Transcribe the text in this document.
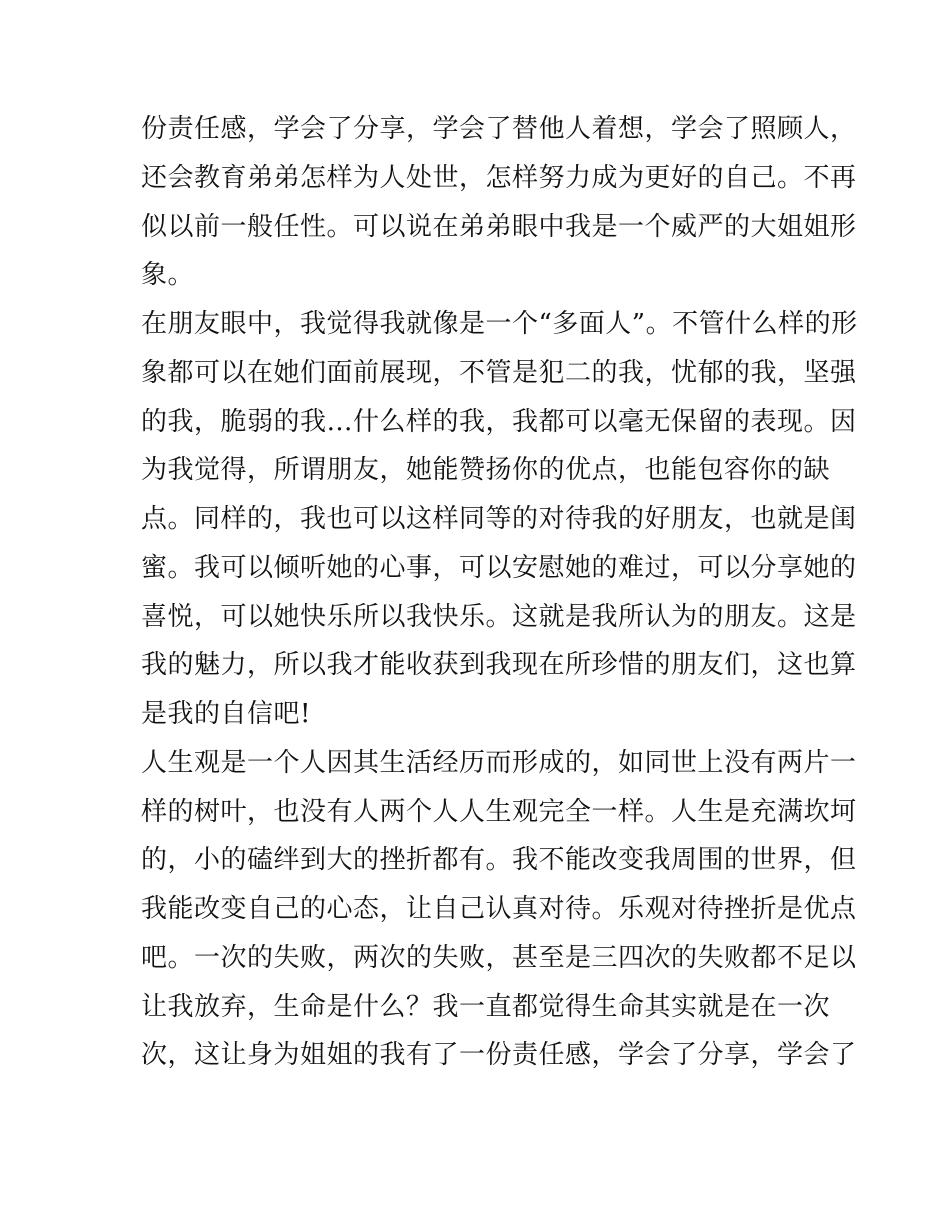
份责任感，学会了分享，学会了替他人着想，学会了照顾人，
还会教育弟弟怎样为人处世，怎样努力成为更好的自己。不再
似以前一般任性。可以说在弟弟眼中我是一个威严的大姐姐形
象。
在朋友眼中，我觉得我就像是一个“多面人”。不管什么样的形
象都可以在她们面前展现，不管是犯二的我，忧郁的我，坚强
的我，脆弱的我…什么样的我，我都可以毫无保留的表现。因
为我觉得，所谓朋友，她能赞扬你的优点，也能包容你的缺
点。同样的，我也可以这样同等的对待我的好朋友，也就是闺
蜜。我可以倾听她的心事，可以安慰她的难过，可以分享她的
喜悦，可以她快乐所以我快乐。这就是我所认为的朋友。这是
我的魅力，所以我才能收获到我现在所珍惜的朋友们，这也算
是我的自信吧!
人生观是一个人因其生活经历而形成的，如同世上没有两片一
样的树叶，也没有人两个人人生观完全一样。人生是充满坎坷
的，小的磕绊到大的挫折都有。我不能改变我周围的世界，但
我能改变自己的心态，让自己认真对待。乐观对待挫折是优点
吧。一次的失败，两次的失败，甚至是三四次的失败都不足以
让我放弃，生命是什么？我一直都觉得生命其实就是在一次
次，这让身为姐姐的我有了一份责任感，学会了分享，学会了
